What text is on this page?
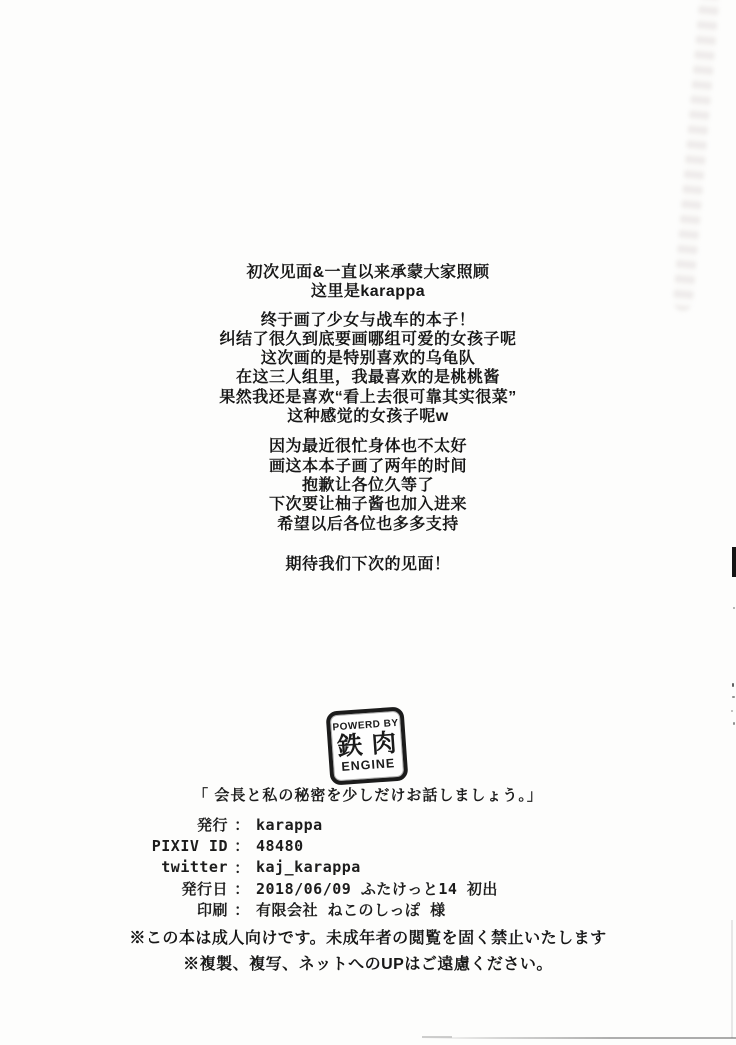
初次见面&一直以来承蒙大家照顾
这里是karappa
终于画了少女与战车的本子！
纠结了很久到底要画哪组可爱的女孩子呢
这次画的是特别喜欢的乌龟队
在这三人组里，我最喜欢的是桃桃酱
果然我还是喜欢“看上去很可靠其实很菜”
这种感觉的女孩子呢w
因为最近很忙身体也不太好
画这本本子画了两年的时间
抱歉让各位久等了
下次要让柚子酱也加入进来
希望以后各位也多多支持
期待我们下次的见面！
POWERD BY
鉄肉
ENGINE
「 会長と私の秘密を少しだけお話しましょう。」
発行 ： karappa
PIXIV ID ： 48480
twitter ： kaj_karappa
発行日 ： 2018/06/09 ふたけっと14 初出
印刷 ： 有限会社 ねこのしっぽ 様
※この本は成人向けです。未成年者の閲覧を固く禁止いたします
※複製、複写、ネットへのUPはご遠慮ください。
